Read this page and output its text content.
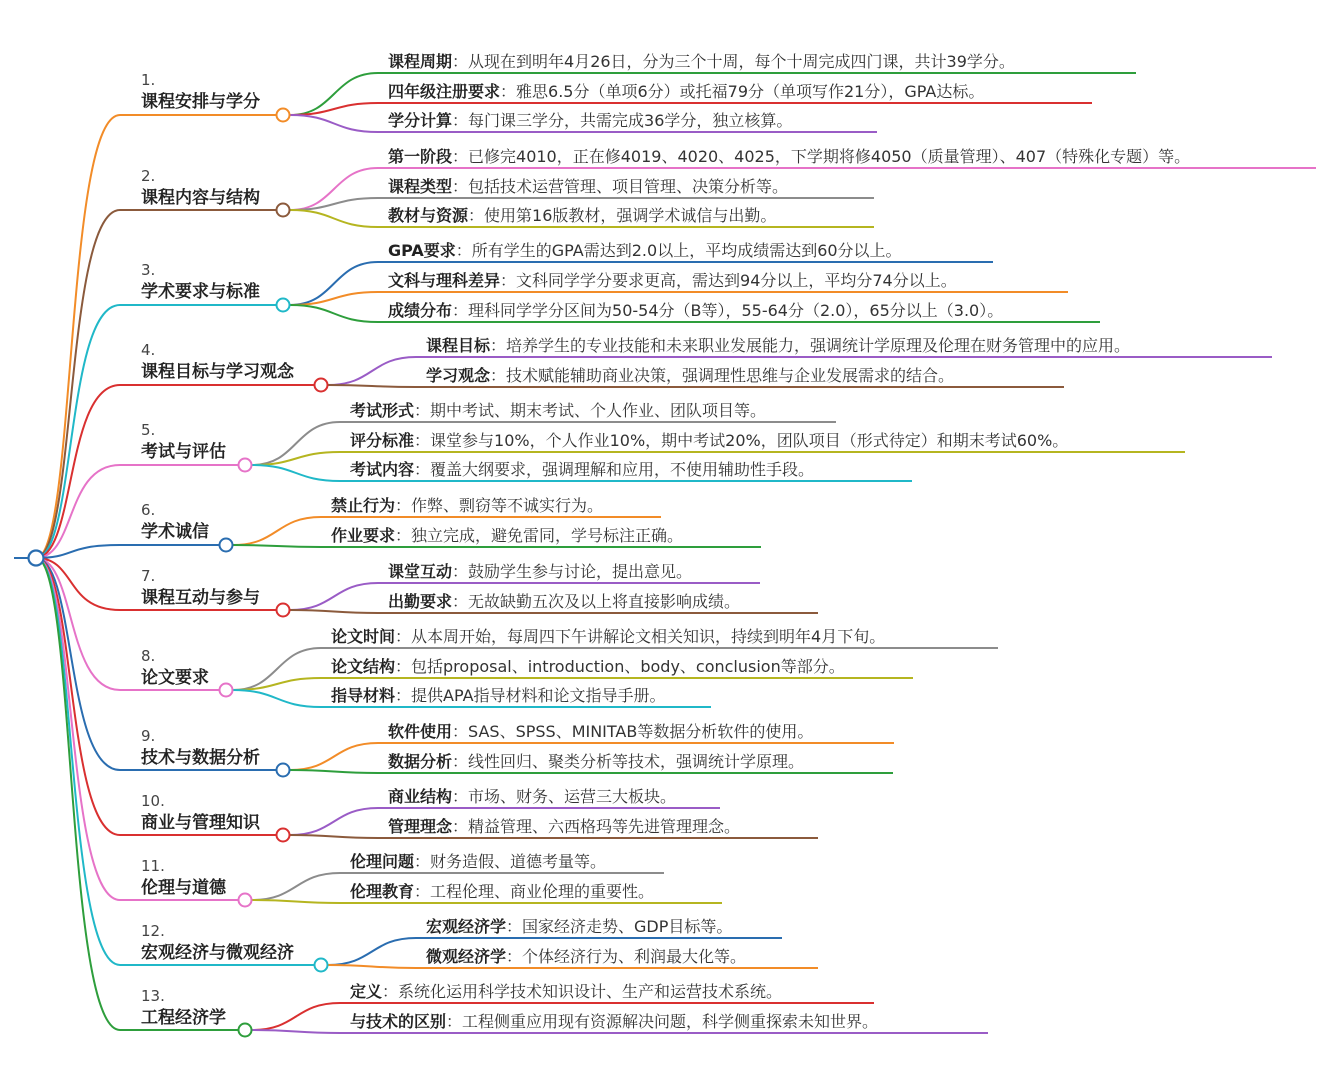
1.
课程安排与学分
课程周期：从现在到明年4月26日，分为三个十周，每个十周完成四门课，共计39学分。
四年级注册要求：雅思6.5分（单项6分）或托福79分（单项写作21分），GPA达标。
学分计算：每门课三学分，共需完成36学分，独立核算。
2.
课程内容与结构
第一阶段：已修完4010，正在修4019、4020、4025，下学期将修4050（质量管理）、407（特殊化专题）等。
课程类型：包括技术运营管理、项目管理、决策分析等。
教材与资源：使用第16版教材，强调学术诚信与出勤。
3.
学术要求与标准
GPA要求：所有学生的GPA需达到2.0以上，平均成绩需达到60分以上。
文科与理科差异：文科同学学分要求更高，需达到94分以上，平均分74分以上。
成绩分布：理科同学学分区间为50-54分（B等），55-64分（2.0），65分以上（3.0）。
4.
课程目标与学习观念
课程目标：培养学生的专业技能和未来职业发展能力，强调统计学原理及伦理在财务管理中的应用。
学习观念：技术赋能辅助商业决策，强调理性思维与企业发展需求的结合。
5.
考试与评估
考试形式：期中考试、期末考试、个人作业、团队项目等。
评分标准：课堂参与10%，个人作业10%，期中考试20%，团队项目（形式待定）和期末考试60%。
考试内容：覆盖大纲要求，强调理解和应用，不使用辅助性手段。
6.
学术诚信
禁止行为：作弊、剽窃等不诚实行为。
作业要求：独立完成，避免雷同，学号标注正确。
7.
课程互动与参与
课堂互动：鼓励学生参与讨论，提出意见。
出勤要求：无故缺勤五次及以上将直接影响成绩。
8.
论文要求
论文时间：从本周开始，每周四下午讲解论文相关知识，持续到明年4月下旬。
论文结构：包括proposal、introduction、body、conclusion等部分。
指导材料：提供APA指导材料和论文指导手册。
9.
技术与数据分析
软件使用：SAS、SPSS、MINITAB等数据分析软件的使用。
数据分析：线性回归、聚类分析等技术，强调统计学原理。
10.
商业与管理知识
商业结构：市场、财务、运营三大板块。
管理理念：精益管理、六西格玛等先进管理理念。
11.
伦理与道德
伦理问题：财务造假、道德考量等。
伦理教育：工程伦理、商业伦理的重要性。
12.
宏观经济与微观经济
宏观经济学：国家经济走势、GDP目标等。
微观经济学：个体经济行为、利润最大化等。
13.
工程经济学
定义：系统化运用科学技术知识设计、生产和运营技术系统。
与技术的区别：工程侧重应用现有资源解决问题，科学侧重探索未知世界。
